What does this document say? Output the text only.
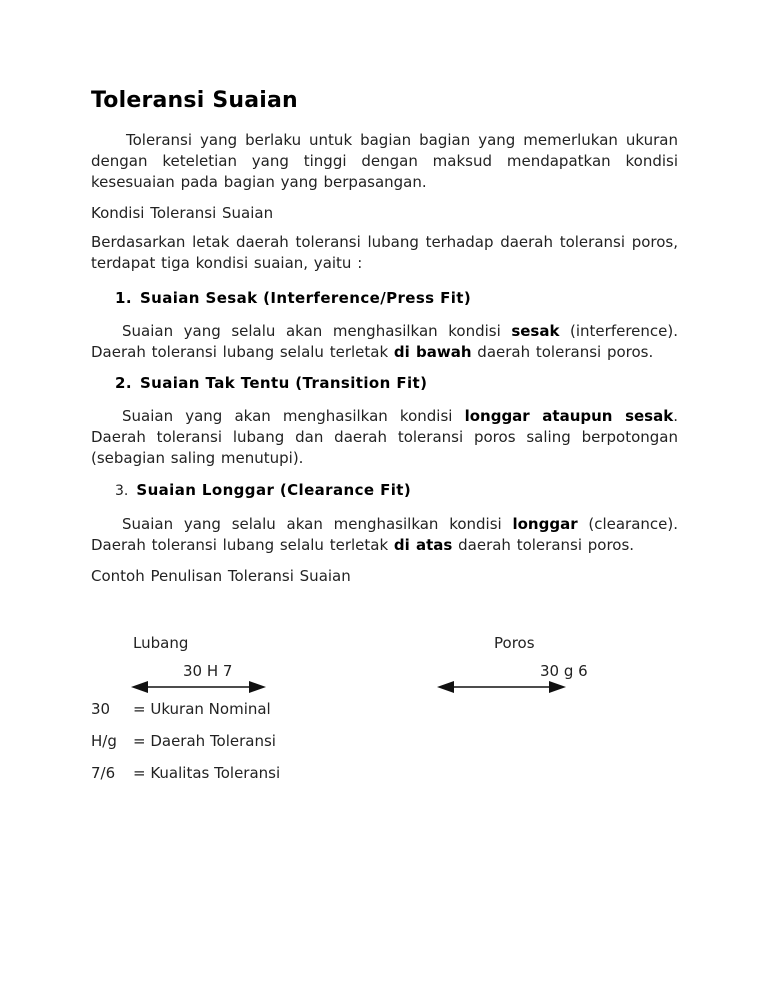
Toleransi Suaian

Toleransi yang berlaku untuk bagian bagian yang memerlukan ukuran dengan keteletian yang tinggi dengan maksud mendapatkan kondisi kesesuaian pada bagian yang berpasangan.

Kondisi Toleransi Suaian

Berdasarkan letak daerah toleransi lubang terhadap daerah toleransi poros, terdapat tiga kondisi suaian, yaitu :

1. Suaian Sesak (Interference/Press Fit)

Suaian yang selalu akan menghasilkan kondisi sesak (interference). Daerah toleransi lubang selalu terletak di bawah daerah toleransi poros.

2. Suaian Tak Tentu (Transition Fit)

Suaian yang akan menghasilkan kondisi longgar ataupun sesak. Daerah toleransi lubang dan daerah toleransi poros saling berpotongan (sebagian saling menutupi).

3. Suaian Longgar (Clearance Fit)

Suaian yang selalu akan menghasilkan kondisi longgar (clearance). Daerah toleransi lubang selalu terletak di atas daerah toleransi poros.

Contoh Penulisan Toleransi Suaian

Lubang	Poros
30 H 7	30 g 6
30	= Ukuran Nominal
H/g	= Daerah Toleransi
7/6	= Kualitas Toleransi
